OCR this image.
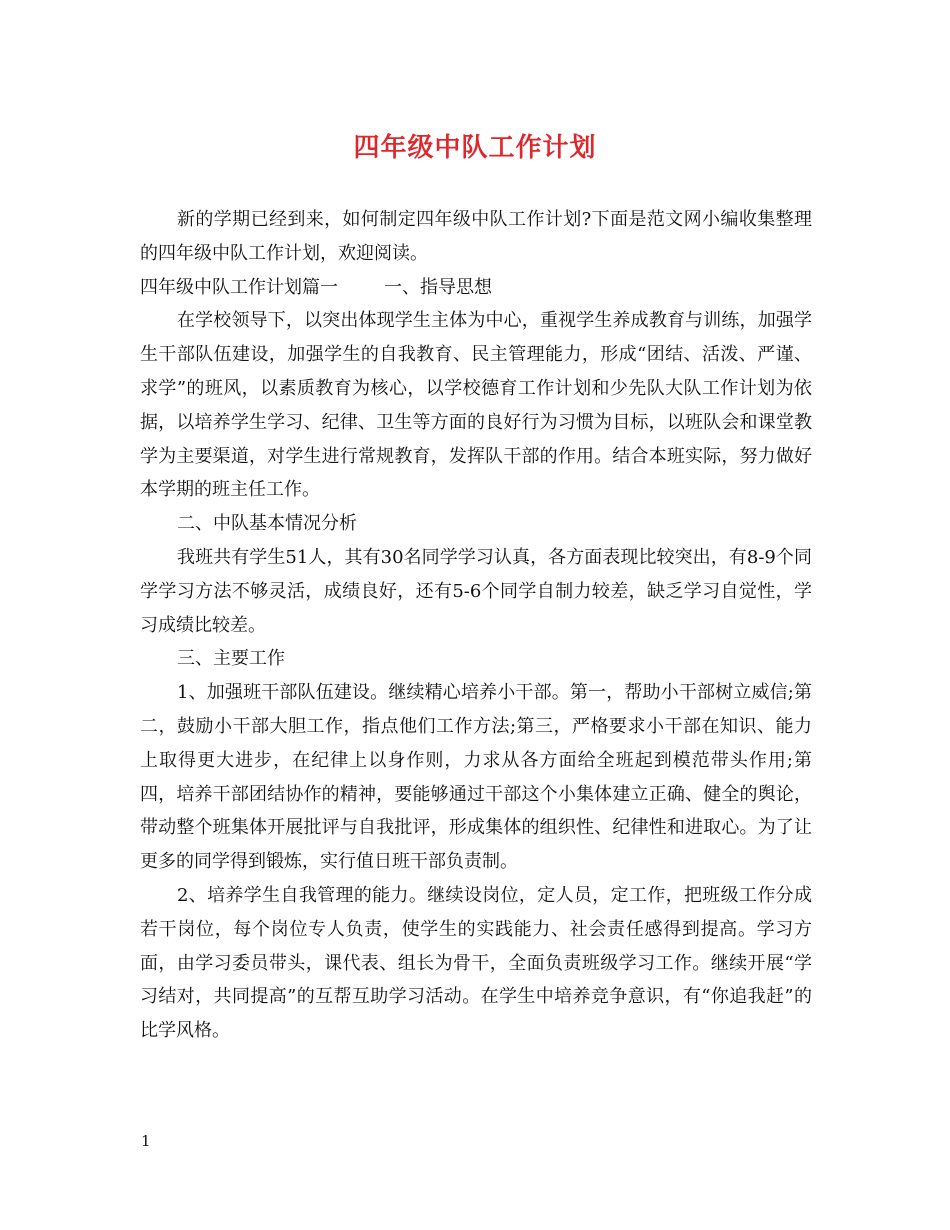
四年级中队工作计划

新的学期已经到来，如何制定四年级中队工作计划?下面是范文网小编收集整理的四年级中队工作计划，欢迎阅读。

四年级中队工作计划篇一	一、指导思想

在学校领导下，以突出体现学生主体为中心，重视学生养成教育与训练，加强学生干部队伍建设，加强学生的自我教育、民主管理能力，形成“团结、活泼、严谨、求学”的班风，以素质教育为核心，以学校德育工作计划和少先队大队工作计划为依据，以培养学生学习、纪律、卫生等方面的良好行为习惯为目标，以班队会和课堂教学为主要渠道，对学生进行常规教育，发挥队干部的作用。结合本班实际，努力做好本学期的班主任工作。

二、中队基本情况分析

我班共有学生51人，其有30名同学学习认真，各方面表现比较突出，有8-9个同学学习方法不够灵活，成绩良好，还有5-6个同学自制力较差，缺乏学习自觉性，学习成绩比较差。

三、主要工作

1、加强班干部队伍建设。继续精心培养小干部。第一，帮助小干部树立威信;第二，鼓励小干部大胆工作，指点他们工作方法;第三，严格要求小干部在知识、能力上取得更大进步，在纪律上以身作则，力求从各方面给全班起到模范带头作用;第四，培养干部团结协作的精神，要能够通过干部这个小集体建立正确、健全的舆论，带动整个班集体开展批评与自我批评，形成集体的组织性、纪律性和进取心。为了让更多的同学得到锻炼，实行值日班干部负责制。

2、培养学生自我管理的能力。继续设岗位，定人员，定工作，把班级工作分成若干岗位，每个岗位专人负责，使学生的实践能力、社会责任感得到提高。学习方面，由学习委员带头，课代表、组长为骨干，全面负责班级学习工作。继续开展“学习结对，共同提高”的互帮互助学习活动。在学生中培养竞争意识，有“你追我赶”的比学风格。

1
